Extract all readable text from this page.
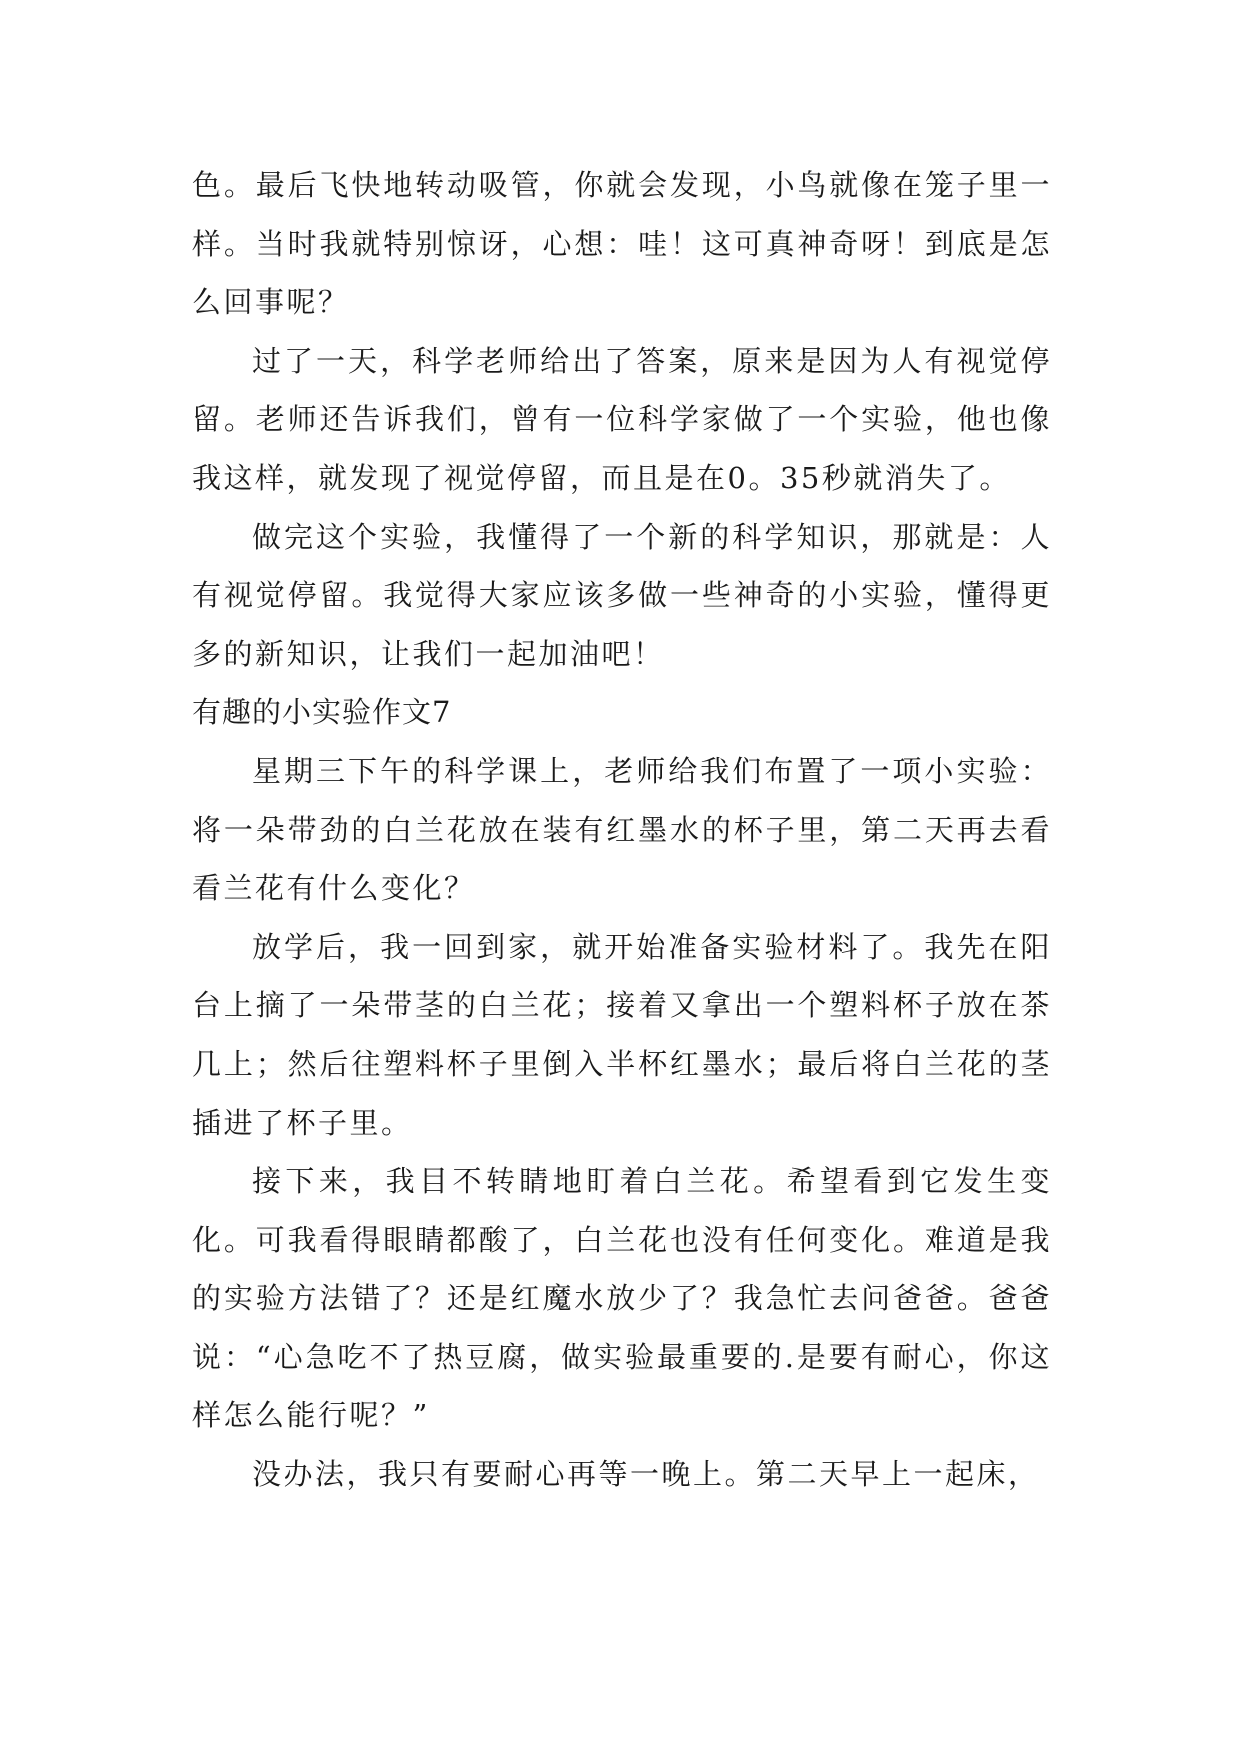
色。最后飞快地转动吸管，你就会发现，小鸟就像在笼子里一样。当时我就特别惊讶，心想：哇！这可真神奇呀！到底是怎么回事呢？

过了一天，科学老师给出了答案，原来是因为人有视觉停留。老师还告诉我们，曾有一位科学家做了一个实验，他也像我这样，就发现了视觉停留，而且是在0。35秒就消失了。

做完这个实验，我懂得了一个新的科学知识，那就是：人有视觉停留。我觉得大家应该多做一些神奇的小实验，懂得更多的新知识，让我们一起加油吧！

有趣的小实验作文7

星期三下午的科学课上，老师给我们布置了一项小实验：将一朵带劲的白兰花放在装有红墨水的杯子里，第二天再去看看兰花有什么变化？

放学后，我一回到家，就开始准备实验材料了。我先在阳台上摘了一朵带茎的白兰花；接着又拿出一个塑料杯子放在茶几上；然后往塑料杯子里倒入半杯红墨水；最后将白兰花的茎插进了杯子里。

接下来，我目不转睛地盯着白兰花。希望看到它发生变化。可我看得眼睛都酸了，白兰花也没有任何变化。难道是我的实验方法错了？还是红魔水放少了？我急忙去问爸爸。爸爸说：“心急吃不了热豆腐，做实验最重要的.是要有耐心，你这样怎么能行呢？”

没办法，我只有要耐心再等一晚上。第二天早上一起床，
